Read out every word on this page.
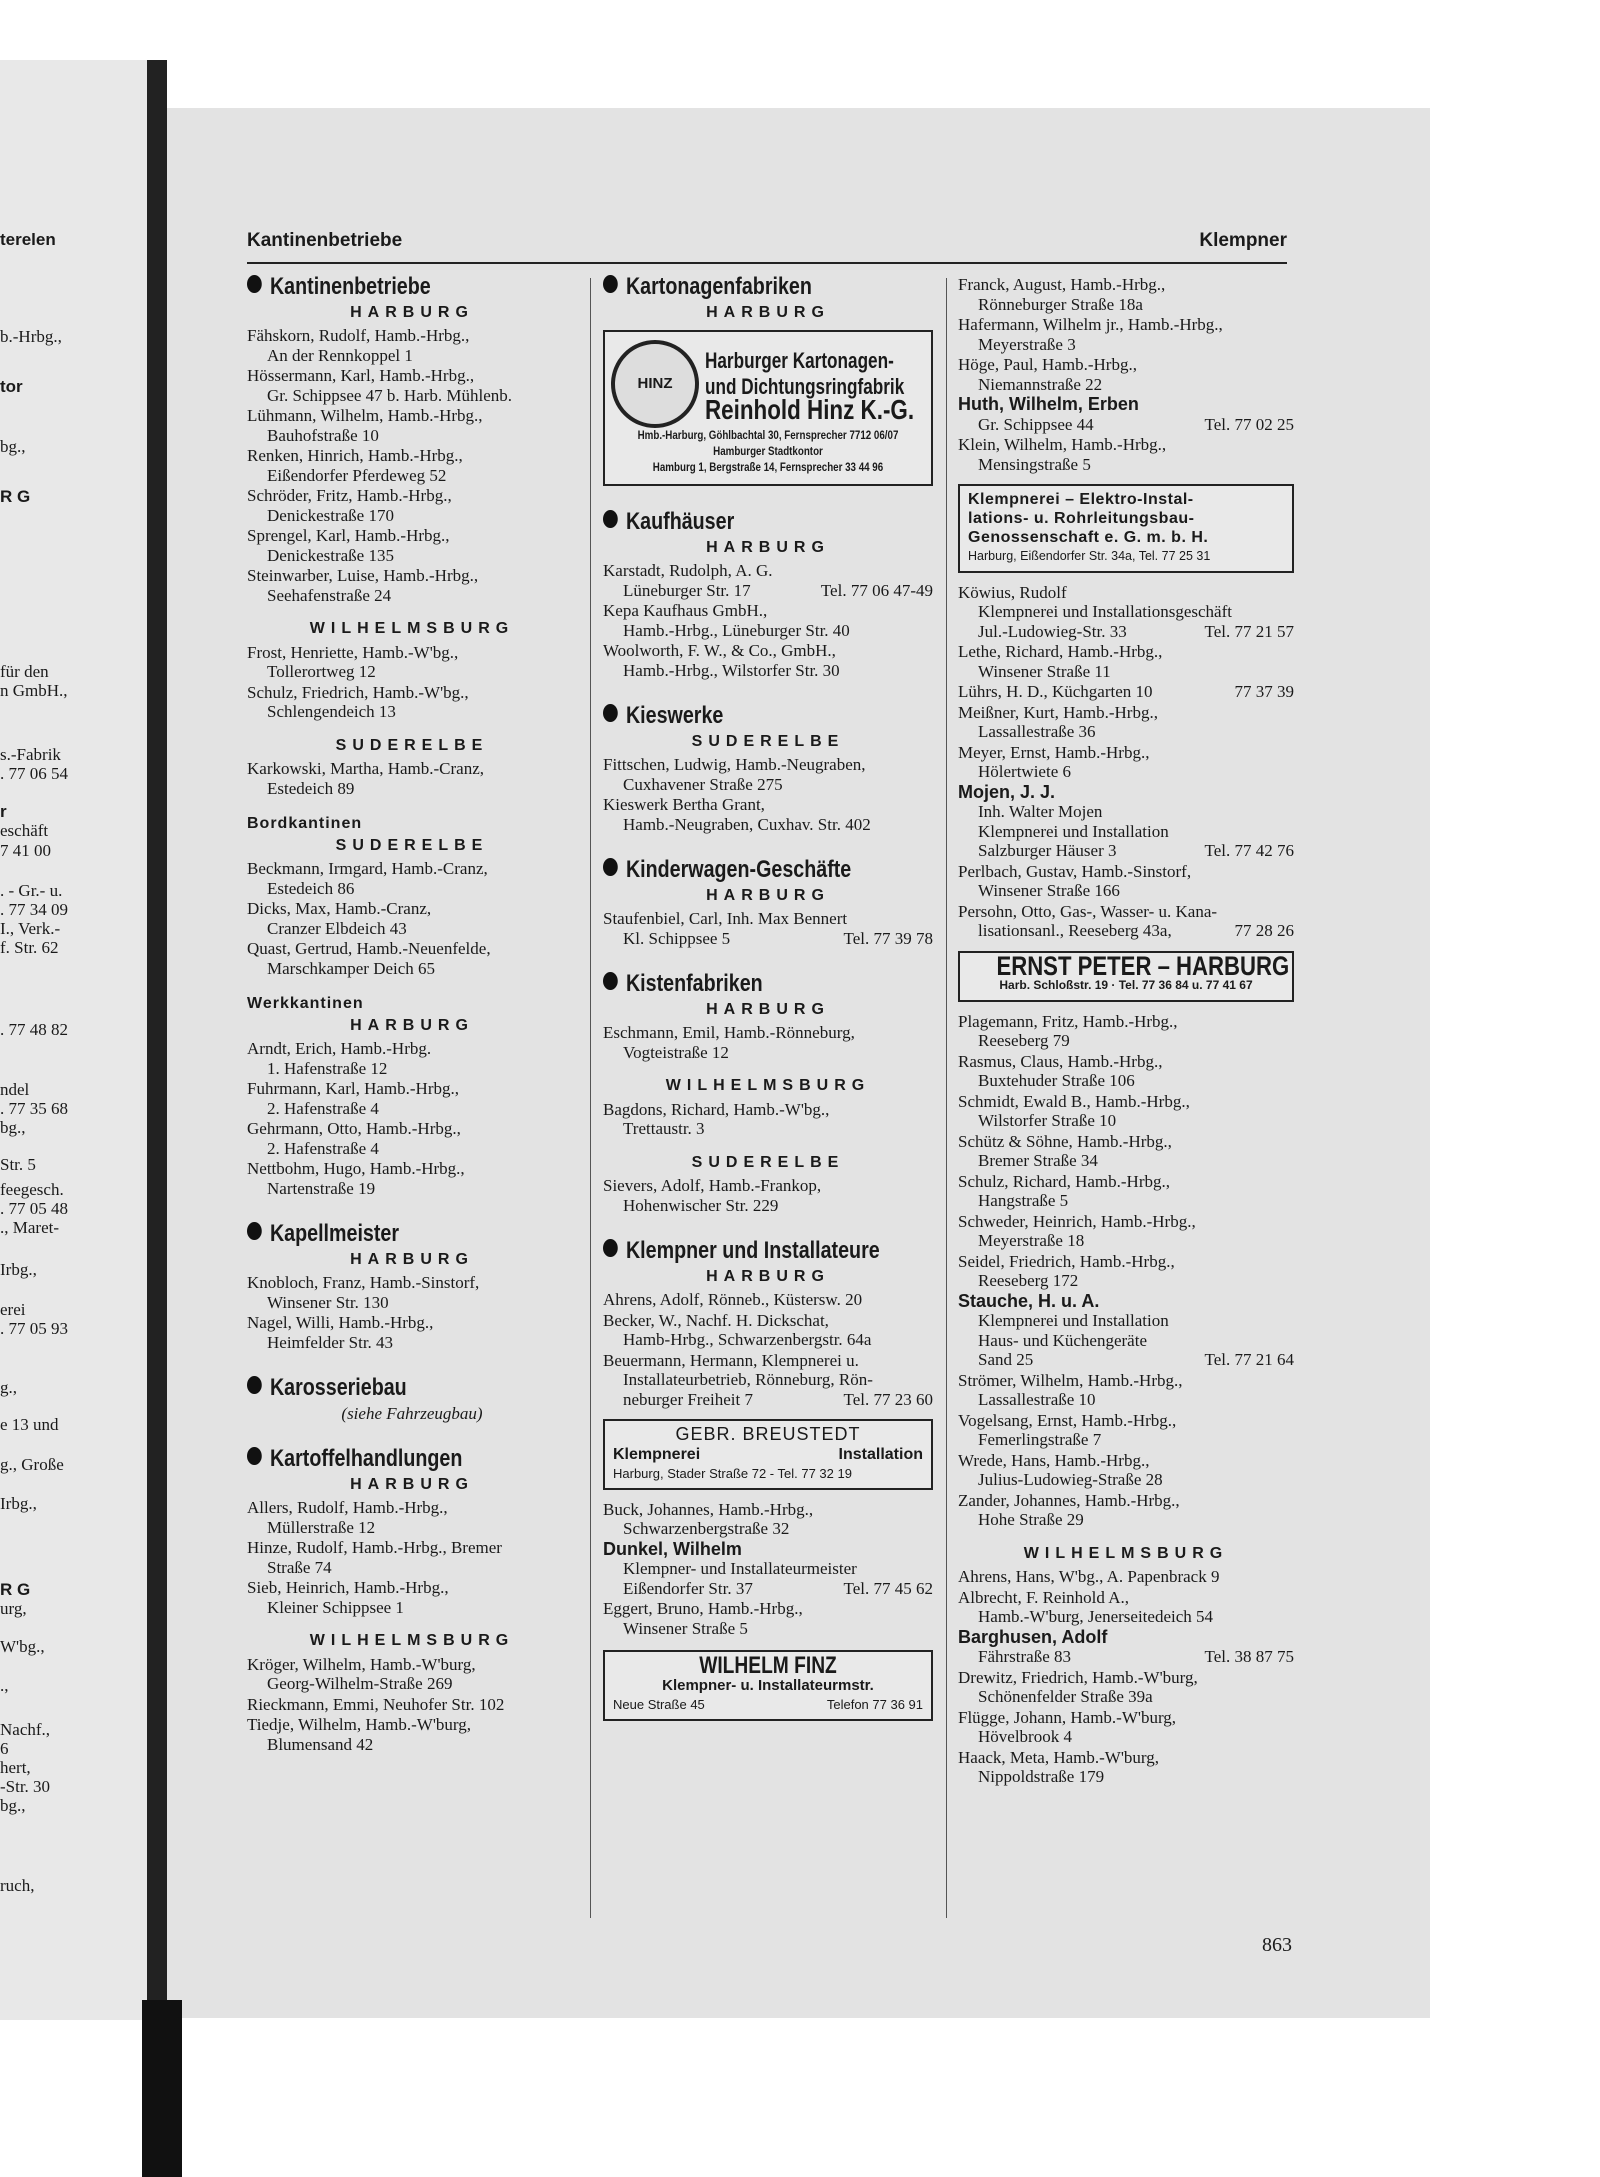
terelen
b.-Hrbg.,
tor
bg.,
R G
für den
n GmbH.,
s.-Fabrik
. 77 06 54
r
eschäft
7 41 00
. - Gr.- u.
. 77 34 09
I., Verk.-
f. Str. 62
. 77 48 82
ndel
. 77 35 68
bg.,
Str. 5
feegesch.
. 77 05 48
., Maret-
Irbg.,
erei
. 77 05 93
g.,
e 13 und
g., Große
Irbg.,
R G
urg,
W'bg.,
.,
Nachf.,
6
hert,
-Str. 30
bg.,
ruch,
Kantinenbetriebe	Klempner
Kantinenbetriebe
HARBURG
Fähskorn, Rudolf, Hamb.-Hrbg.,
An der Rennkoppel 1
Hössermann, Karl, Hamb.-Hrbg.,
Gr. Schippsee 47 b. Harb. Mühlenb.
Lühmann, Wilhelm, Hamb.-Hrbg.,
Bauhofstraße 10
Renken, Hinrich, Hamb.-Hrbg.,
Eißendorfer Pferdeweg 52
Schröder, Fritz, Hamb.-Hrbg.,
Denickestraße 170
Sprengel, Karl, Hamb.-Hrbg.,
Denickestraße 135
Steinwarber, Luise, Hamb.-Hrbg.,
Seehafenstraße 24
WILHELMSBURG
Frost, Henriette, Hamb.-W'bg.,
Tollerortweg 12
Schulz, Friedrich, Hamb.-W'bg.,
Schlengendeich 13
SUDERELBE
Karkowski, Martha, Hamb.-Cranz,
Estedeich 89
Bordkantinen
SUDERELBE
Beckmann, Irmgard, Hamb.-Cranz,
Estedeich 86
Dicks, Max, Hamb.-Cranz,
Cranzer Elbdeich 43
Quast, Gertrud, Hamb.-Neuenfelde,
Marschkamper Deich 65
Werkkantinen
HARBURG
Arndt, Erich, Hamb.-Hrbg.
1. Hafenstraße 12
Fuhrmann, Karl, Hamb.-Hrbg.,
2. Hafenstraße 4
Gehrmann, Otto, Hamb.-Hrbg.,
2. Hafenstraße 4
Nettbohm, Hugo, Hamb.-Hrbg.,
Nartenstraße 19
Kapellmeister
HARBURG
Knobloch, Franz, Hamb.-Sinstorf,
Winsener Str. 130
Nagel, Willi, Hamb.-Hrbg.,
Heimfelder Str. 43
Karosseriebau
(siehe Fahrzeugbau)
Kartoffelhandlungen
HARBURG
Allers, Rudolf, Hamb.-Hrbg.,
Müllerstraße 12
Hinze, Rudolf, Hamb.-Hrbg., Bremer
Straße 74
Sieb, Heinrich, Hamb.-Hrbg.,
Kleiner Schippsee 1
WILHELMSBURG
Kröger, Wilhelm, Hamb.-W'burg,
Georg-Wilhelm-Straße 269
Rieckmann, Emmi, Neuhofer Str. 102
Tiedje, Wilhelm, Hamb.-W'burg,
Blumensand 42
Kartonagenfabriken
HARBURG
HINZ
Harburger Kartonagen-
und Dichtungsringfabrik
Reinhold Hinz K.-G.
Hmb.-Harburg, Göhlbachtal 30, Fernsprecher 7712 06/07
Hamburger Stadtkontor
Hamburg 1, Bergstraße 14, Fernsprecher 33 44 96
Kaufhäuser
HARBURG
Karstadt, Rudolph, A. G.
Lüneburger Str. 17	Tel. 77 06 47-49
Kepa Kaufhaus GmbH.,
Hamb.-Hrbg., Lüneburger Str. 40
Woolworth, F. W., & Co., GmbH.,
Hamb.-Hrbg., Wilstorfer Str. 30
Kieswerke
SUDERELBE
Fittschen, Ludwig, Hamb.-Neugraben,
Cuxhavener Straße 275
Kieswerk Bertha Grant,
Hamb.-Neugraben, Cuxhav. Str. 402
Kinderwagen-Geschäfte
HARBURG
Staufenbiel, Carl, Inh. Max Bennert
Kl. Schippsee 5	Tel. 77 39 78
Kistenfabriken
HARBURG
Eschmann, Emil, Hamb.-Rönneburg,
Vogteistraße 12
WILHELMSBURG
Bagdons, Richard, Hamb.-W'bg.,
Trettaustr. 3
SUDERELBE
Sievers, Adolf, Hamb.-Frankop,
Hohenwischer Str. 229
Klempner und Installateure
HARBURG
Ahrens, Adolf, Rönneb., Küstersw. 20
Becker, W., Nachf. H. Dickschat,
Hamb-Hrbg., Schwarzenbergstr. 64a
Beuermann, Hermann, Klempnerei u.
Installateurbetrieb, Rönneburg, Rön-
neburger Freiheit 7	Tel. 77 23 60
GEBR. BREUSTEDT
Klempnerei	Installation
Harburg, Stader Straße 72 - Tel. 77 32 19
Buck, Johannes, Hamb.-Hrbg.,
Schwarzenbergstraße 32
Dunkel, Wilhelm
Klempner- und Installateurmeister
Eißendorfer Str. 37	Tel. 77 45 62
Eggert, Bruno, Hamb.-Hrbg.,
Winsener Straße 5
WILHELM FINZ
Klempner- u. Installateurmstr.
Neue Straße 45	Telefon 77 36 91
Franck, August, Hamb.-Hrbg.,
Rönneburger Straße 18a
Hafermann, Wilhelm jr., Hamb.-Hrbg.,
Meyerstraße 3
Höge, Paul, Hamb.-Hrbg.,
Niemannstraße 22
Huth, Wilhelm, Erben
Gr. Schippsee 44	Tel. 77 02 25
Klein, Wilhelm, Hamb.-Hrbg.,
Mensingstraße 5
Klempnerei – Elektro-Instal-
lations- u. Rohrleitungsbau-
Genossenschaft e. G. m. b. H.
Harburg, Eißendorfer Str. 34a, Tel. 77 25 31
Köwius, Rudolf
Klempnerei und Installationsgeschäft
Jul.-Ludowieg-Str. 33	Tel. 77 21 57
Lethe, Richard, Hamb.-Hrbg.,
Winsener Straße 11
Lührs, H. D., Küchgarten 10	77 37 39
Meißner, Kurt, Hamb.-Hrbg.,
Lassallestraße 36
Meyer, Ernst, Hamb.-Hrbg.,
Hölertwiete 6
Mojen, J. J.
Inh. Walter Mojen
Klempnerei und Installation
Salzburger Häuser 3	Tel. 77 42 76
Perlbach, Gustav, Hamb.-Sinstorf,
Winsener Straße 166
Persohn, Otto, Gas-, Wasser- u. Kana-
lisationsanl., Reeseberg 43a,	77 28 26
ERNST PETER – HARBURG
Harb. Schloßstr. 19 · Tel. 77 36 84 u. 77 41 67
Plagemann, Fritz, Hamb.-Hrbg.,
Reeseberg 79
Rasmus, Claus, Hamb.-Hrbg.,
Buxtehuder Straße 106
Schmidt, Ewald B., Hamb.-Hrbg.,
Wilstorfer Straße 10
Schütz & Söhne, Hamb.-Hrbg.,
Bremer Straße 34
Schulz, Richard, Hamb.-Hrbg.,
Hangstraße 5
Schweder, Heinrich, Hamb.-Hrbg.,
Meyerstraße 18
Seidel, Friedrich, Hamb.-Hrbg.,
Reeseberg 172
Stauche, H. u. A.
Klempnerei und Installation
Haus- und Küchengeräte
Sand 25	Tel. 77 21 64
Strömer, Wilhelm, Hamb.-Hrbg.,
Lassallestraße 10
Vogelsang, Ernst, Hamb.-Hrbg.,
Femerlingstraße 7
Wrede, Hans, Hamb.-Hrbg.,
Julius-Ludowieg-Straße 28
Zander, Johannes, Hamb.-Hrbg.,
Hohe Straße 29
WILHELMSBURG
Ahrens, Hans, W'bg., A. Papenbrack 9
Albrecht, F. Reinhold A.,
Hamb.-W'burg, Jenerseitedeich 54
Barghusen, Adolf
Fährstraße 83	Tel. 38 87 75
Drewitz, Friedrich, Hamb.-W'burg,
Schönenfelder Straße 39a
Flügge, Johann, Hamb.-W'burg,
Hövelbrook 4
Haack, Meta, Hamb.-W'burg,
Nippoldstraße 179
863
